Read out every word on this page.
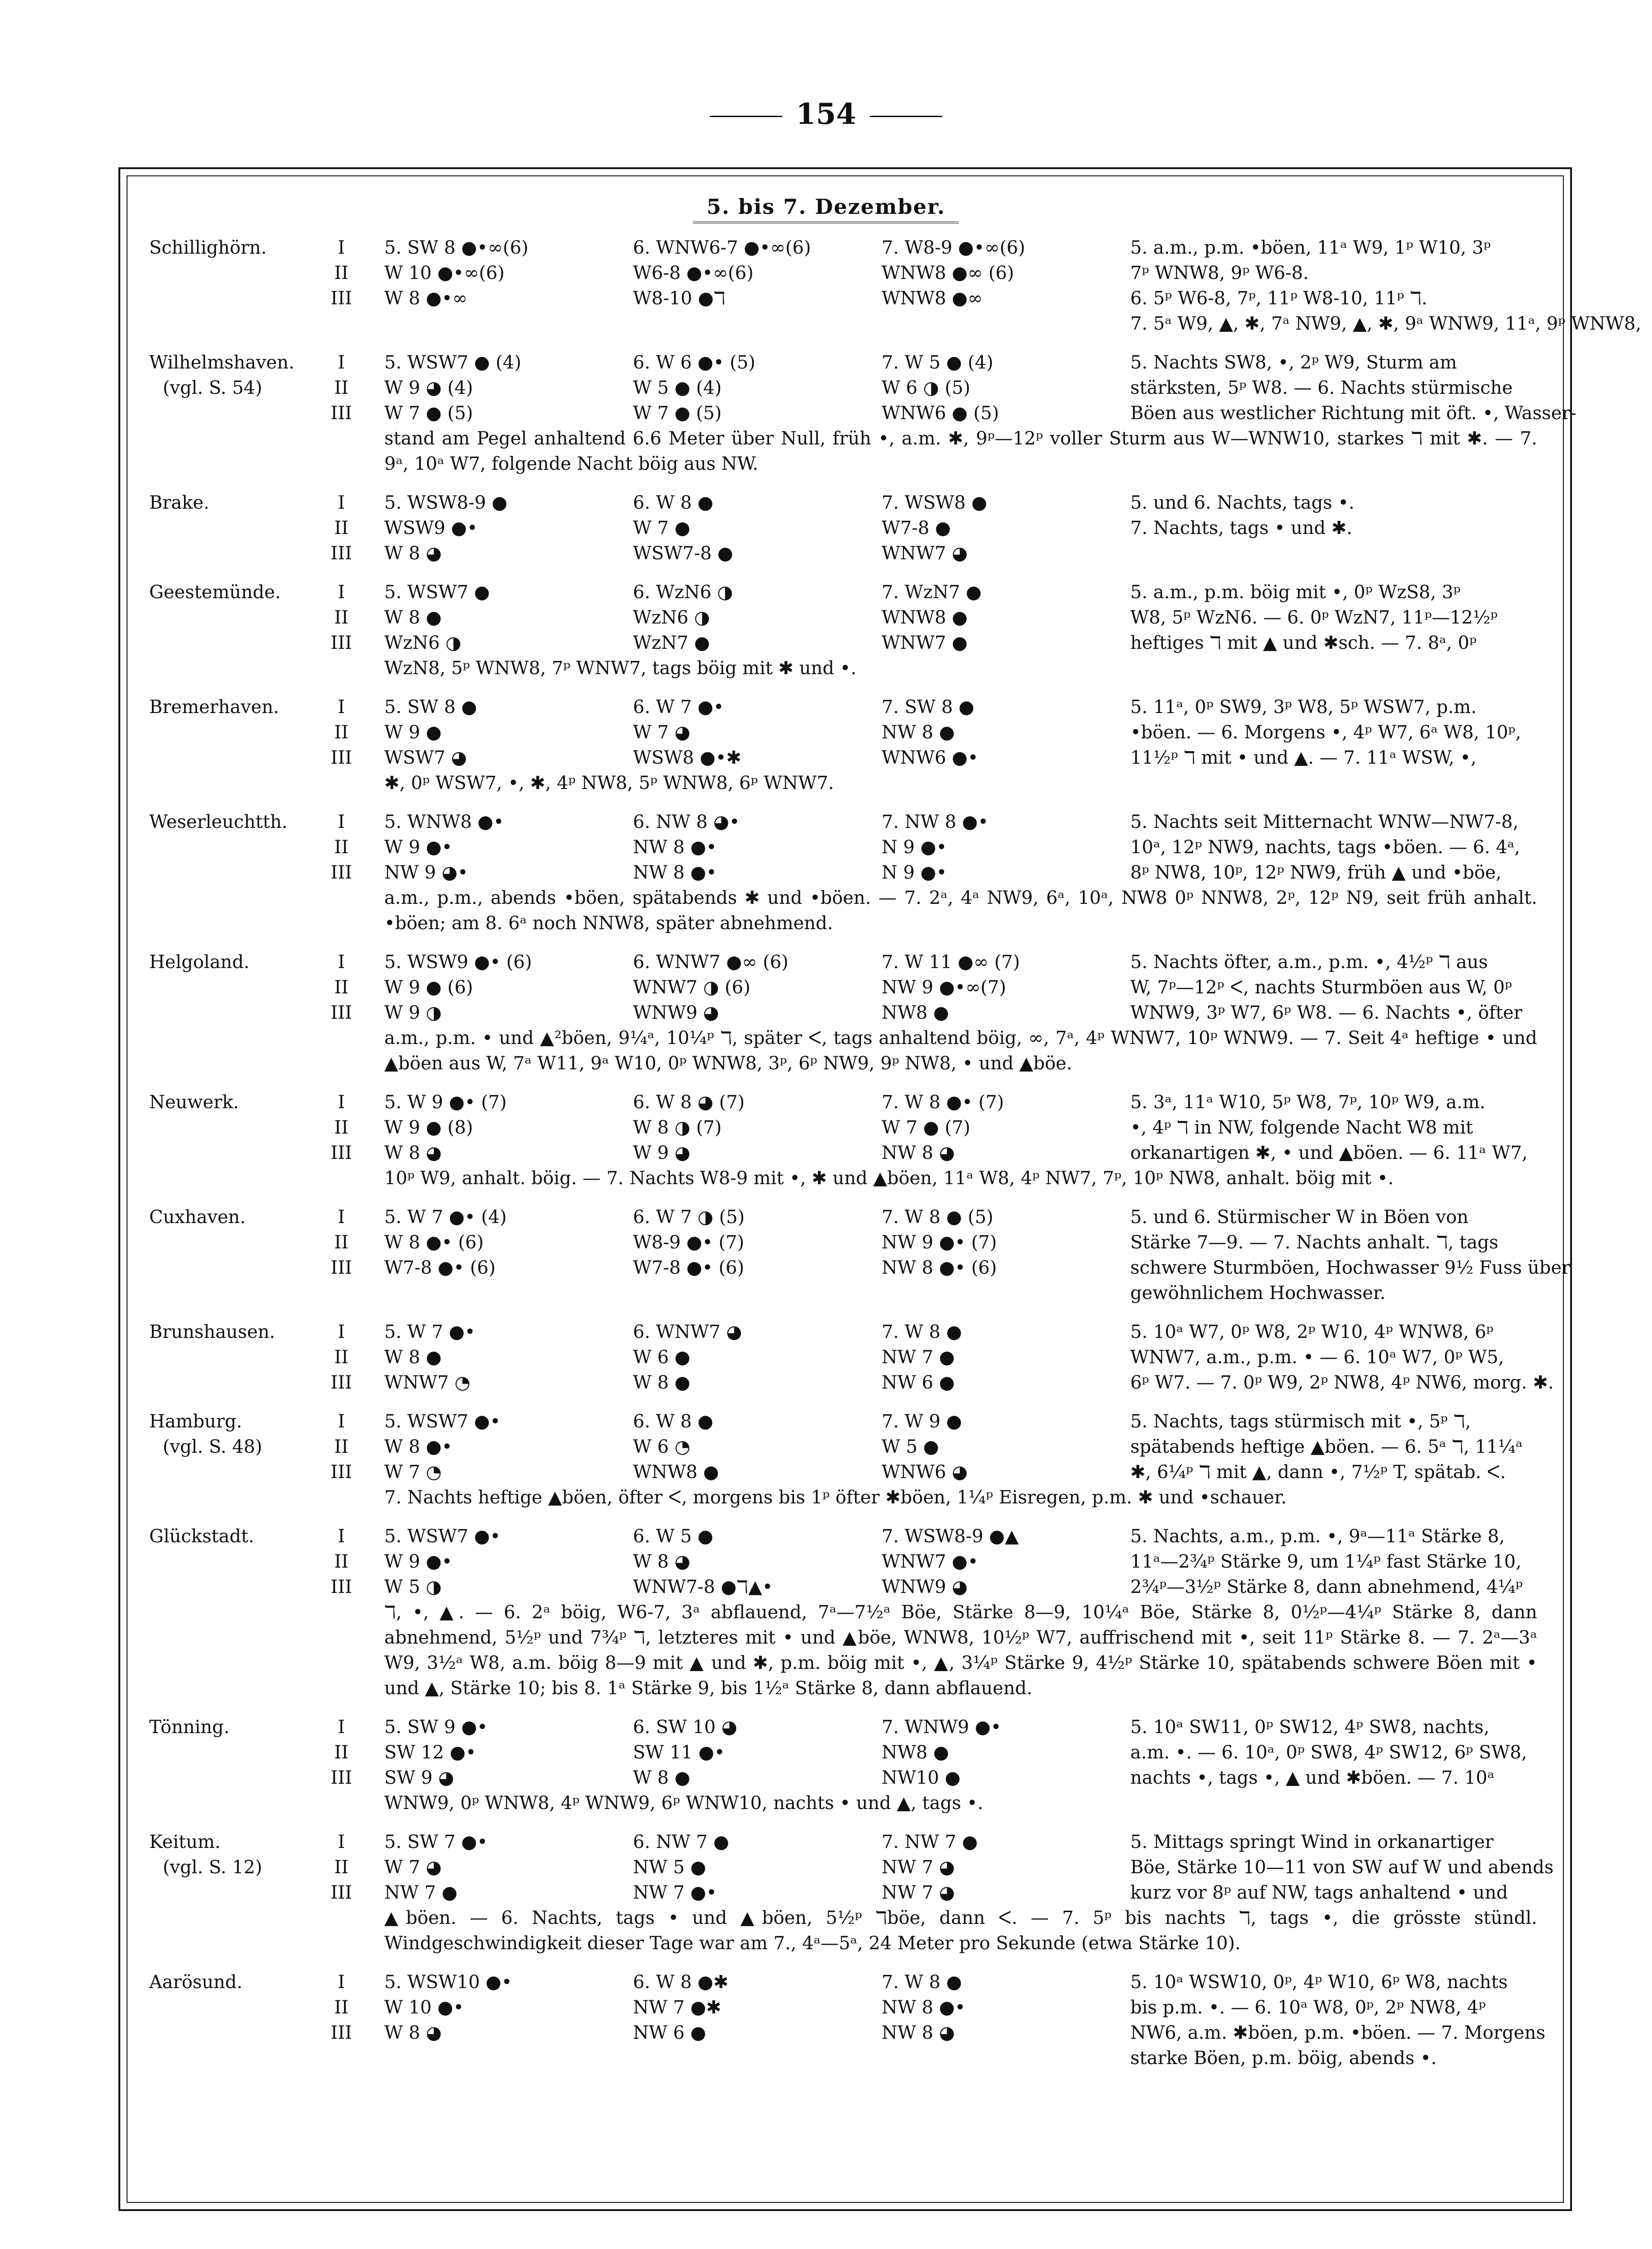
154
5. bis 7. Dezember.
Schillighörn.	I	5. SW 8 ●•∞(6)	6. WNW6-7 ●•∞(6)	7. W8-9 ●•∞(6)	5. a.m., p.m. •böen, 11ᵃ W9, 1ᵖ W10, 3ᵖ
II W 10 ●•∞(6)	W6-8 ●•∞(6)	WNW8 ●∞ (6)	7ᵖ WNW8, 9ᵖ W6-8.
III W 8 ●•∞	W8-10 ●ℸ	WNW8 ●∞	6. 5ᵖ W6-8, 7ᵖ, 11ᵖ W8-10, 11ᵖ ℸ.
7. 5ᵃ W9, ▲, ✱, 7ᵃ NW9, ▲, ✱, 9ᵃ WNW9, 11ᵃ, 9ᵖ WNW8,
Wilhelmshaven.	I	5. WSW7 ● (4)	6. W 6 ●• (5)	7. W 5 ● (4)	5. Nachts SW8, •, 2ᵖ W9, Sturm am
(vgl. S. 54)	II W 9 ◕ (4)	W 5 ● (4)	W 6 ◑ (5)	stärksten, 5ᵖ W8. — 6. Nachts stürmische
III W 7 ● (5)	W 7 ● (5)	WNW6 ● (5)	Böen aus westlicher Richtung mit öft. •, Wasser-
stand am Pegel anhaltend 6.6 Meter über Null, früh •, a.m. ✱, 9ᵖ—12ᵖ voller Sturm aus W—WNW10, starkes ℸ mit ✱. — 7. 9ᵃ, 10ᵃ W7, folgende Nacht böig aus NW.
Brake.	I	5. WSW8-9 ●	6. W 8 ●	7. WSW8 ●	5. und 6. Nachts, tags •.
II WSW9 ●•	W 7 ●	W7-8 ●	7. Nachts, tags • und ✱.
III W 8 ◕	WSW7-8 ●	WNW7 ◕
Geestemünde.	I	5. WSW7 ●	6. WzN6 ◑	7. WzN7 ●	5. a.m., p.m. böig mit •, 0ᵖ WzS8, 3ᵖ
II W 8 ●	WzN6 ◑	WNW8 ●	W8, 5ᵖ WzN6. — 6. 0ᵖ WzN7, 11ᵖ—12½ᵖ
III WzN6 ◑	WzN7 ●	WNW7 ●	heftiges ℸ mit ▲ und ✱sch. — 7. 8ᵃ, 0ᵖ
WzN8, 5ᵖ WNW8, 7ᵖ WNW7, tags böig mit ✱ und •.
Bremerhaven.	I	5. SW 8 ●	6. W 7 ●•	7. SW 8 ●	5. 11ᵃ, 0ᵖ SW9, 3ᵖ W8, 5ᵖ WSW7, p.m.
II W 9 ●	W 7 ◕	NW 8 ●	•böen. — 6. Morgens •, 4ᵖ W7, 6ᵃ W8, 10ᵖ,
III WSW7 ◕	WSW8 ●•✱	WNW6 ●•	11½ᵖ ℸ mit • und ▲. — 7. 11ᵃ WSW, •,
✱, 0ᵖ WSW7, •, ✱, 4ᵖ NW8, 5ᵖ WNW8, 6ᵖ WNW7.
Weserleuchtth.	I	5. WNW8 ●•	6. NW 8 ◕•	7. NW 8 ●•	5. Nachts seit Mitternacht WNW—NW7-8,
II W 9 ●•	NW 8 ●•	N 9 ●•	10ᵃ, 12ᵖ NW9, nachts, tags •böen. — 6. 4ᵃ,
III NW 9 ◕•	NW 8 ●•	N 9 ●•	8ᵖ NW8, 10ᵖ, 12ᵖ NW9, früh ▲ und •böe,
a.m., p.m., abends •böen, spätabends ✱ und •böen. — 7. 2ᵃ, 4ᵃ NW9, 6ᵃ, 10ᵃ, NW8 0ᵖ NNW8, 2ᵖ, 12ᵖ N9, seit früh anhalt. •böen; am 8. 6ᵃ noch NNW8, später abnehmend.
Helgoland.	I	5. WSW9 ●• (6)	6. WNW7 ●∞ (6)	7. W 11 ●∞ (7)	5. Nachts öfter, a.m., p.m. •, 4½ᵖ ℸ aus
II W 9 ● (6)	WNW7 ◑ (6)	NW 9 ●•∞(7)	W, 7ᵖ—12ᵖ ᐸ, nachts Sturmböen aus W, 0ᵖ
III W 9 ◑	WNW9 ◕	NW8 ●	WNW9, 3ᵖ W7, 6ᵖ W8. — 6. Nachts •, öfter
a.m., p.m. • und ▲²böen, 9¼ᵃ, 10¼ᵖ ℸ, später ᐸ, tags anhaltend böig, ∞, 7ᵃ, 4ᵖ WNW7, 10ᵖ WNW9. — 7. Seit 4ᵃ heftige • und ▲böen aus W, 7ᵃ W11, 9ᵃ W10, 0ᵖ WNW8, 3ᵖ, 6ᵖ NW9, 9ᵖ NW8, • und ▲böe.
Neuwerk.	I	5. W 9 ●• (7)	6. W 8 ◕ (7)	7. W 8 ●• (7)	5. 3ᵃ, 11ᵃ W10, 5ᵖ W8, 7ᵖ, 10ᵖ W9, a.m.
II W 9 ● (8)	W 8 ◑ (7)	W 7 ● (7)	•, 4ᵖ ℸ in NW, folgende Nacht W8 mit
III W 8 ◕	W 9 ◕	NW 8 ◕	orkanartigen ✱, • und ▲böen. — 6. 11ᵃ W7,
10ᵖ W9, anhalt. böig. — 7. Nachts W8-9 mit •, ✱ und ▲böen, 11ᵃ W8, 4ᵖ NW7, 7ᵖ, 10ᵖ NW8, anhalt. böig mit •.
Cuxhaven.	I	5. W 7 ●• (4)	6. W 7 ◑ (5)	7. W 8 ● (5)	5. und 6. Stürmischer W in Böen von
II W 8 ●• (6)	W8-9 ●• (7)	NW 9 ●• (7)	Stärke 7—9. — 7. Nachts anhalt. ℸ, tags
III W7-8 ●• (6)	W7-8 ●• (6)	NW 8 ●• (6)	schwere Sturmböen, Hochwasser 9½ Fuss über
gewöhnlichem Hochwasser.
Brunshausen.	I	5. W 7 ●•	6. WNW7 ◕	7. W 8 ●	5. 10ᵃ W7, 0ᵖ W8, 2ᵖ W10, 4ᵖ WNW8, 6ᵖ
II W 8 ●	W 6 ●	NW 7 ●	WNW7, a.m., p.m. • — 6. 10ᵃ W7, 0ᵖ W5,
III WNW7 ◔	W 8 ●	NW 6 ●	6ᵖ W7. — 7. 0ᵖ W9, 2ᵖ NW8, 4ᵖ NW6, morg. ✱.
Hamburg.	I	5. WSW7 ●•	6. W 8 ●	7. W 9 ●	5. Nachts, tags stürmisch mit •, 5ᵖ ℸ,
(vgl. S. 48)	II W 8 ●•	W 6 ◔	W 5 ●	spätabends heftige ▲böen. — 6. 5ᵃ ℸ, 11¼ᵃ
III W 7 ◔	WNW8 ●	WNW6 ◕	✱, 6¼ᵖ ℸ mit ▲, dann •, 7½ᵖ T, spätab. ᐸ.
7. Nachts heftige ▲böen, öfter ᐸ, morgens bis 1ᵖ öfter ✱böen, 1¼ᵖ Eisregen, p.m. ✱ und •schauer.
Glückstadt.	I	5. WSW7 ●•	6. W 5 ●	7. WSW8-9 ●▲	5. Nachts, a.m., p.m. •, 9ᵃ—11ᵃ Stärke 8,
II W 9 ●•	W 8 ◕	WNW7 ●•	11ᵃ—2¾ᵖ Stärke 9, um 1¼ᵖ fast Stärke 10,
III W 5 ◑	WNW7-8 ●ℸ▲•	WNW9 ◕	2¾ᵖ—3½ᵖ Stärke 8, dann abnehmend, 4¼ᵖ
ℸ, •, ▲. — 6. 2ᵃ böig, W6-7, 3ᵃ abflauend, 7ᵃ—7½ᵃ Böe, Stärke 8—9, 10¼ᵃ Böe, Stärke 8, 0½ᵖ—4¼ᵖ Stärke 8, dann abnehmend, 5½ᵖ und 7¾ᵖ ℸ, letzteres mit • und ▲böe, WNW8, 10½ᵖ W7, auffrischend mit •, seit 11ᵖ Stärke 8. — 7. 2ᵃ—3ᵃ W9, 3½ᵃ W8, a.m. böig 8—9 mit ▲ und ✱, p.m. böig mit •, ▲, 3¼ᵖ Stärke 9, 4½ᵖ Stärke 10, spätabends schwere Böen mit • und ▲, Stärke 10; bis 8. 1ᵃ Stärke 9, bis 1½ᵃ Stärke 8, dann abflauend.
Tönning.	I	5. SW 9 ●•	6. SW 10 ◕	7. WNW9 ●•	5. 10ᵃ SW11, 0ᵖ SW12, 4ᵖ SW8, nachts,
II SW 12 ●•	SW 11 ●•	NW8 ●	a.m. •. — 6. 10ᵃ, 0ᵖ SW8, 4ᵖ SW12, 6ᵖ SW8,
III SW 9 ◕	W 8 ●	NW10 ●	nachts •, tags •, ▲ und ✱böen. — 7. 10ᵃ
WNW9, 0ᵖ WNW8, 4ᵖ WNW9, 6ᵖ WNW10, nachts • und ▲, tags •.
Keitum.	I	5. SW 7 ●•	6. NW 7 ●	7. NW 7 ●	5. Mittags springt Wind in orkanartiger
(vgl. S. 12)	II W 7 ◕	NW 5 ●	NW 7 ◕	Böe, Stärke 10—11 von SW auf W und abends
III NW 7 ●	NW 7 ●•	NW 7 ◕	kurz vor 8ᵖ auf NW, tags anhaltend • und
▲böen. — 6. Nachts, tags • und ▲böen, 5½ᵖ ℸböe, dann ᐸ. — 7. 5ᵖ bis nachts ℸ, tags •, die grösste stündl. Windgeschwindigkeit dieser Tage war am 7., 4ᵃ—5ᵃ, 24 Meter pro Sekunde (etwa Stärke 10).
Aarösund.	I	5. WSW10 ●•	6. W 8 ●✱	7. W 8 ●	5. 10ᵃ WSW10, 0ᵖ, 4ᵖ W10, 6ᵖ W8, nachts
II W 10 ●•	NW 7 ●✱	NW 8 ●•	bis p.m. •. — 6. 10ᵃ W8, 0ᵖ, 2ᵖ NW8, 4ᵖ
III W 8 ◕	NW 6 ●	NW 8 ◕	NW6, a.m. ✱böen, p.m. •böen. — 7. Morgens
starke Böen, p.m. böig, abends •.
